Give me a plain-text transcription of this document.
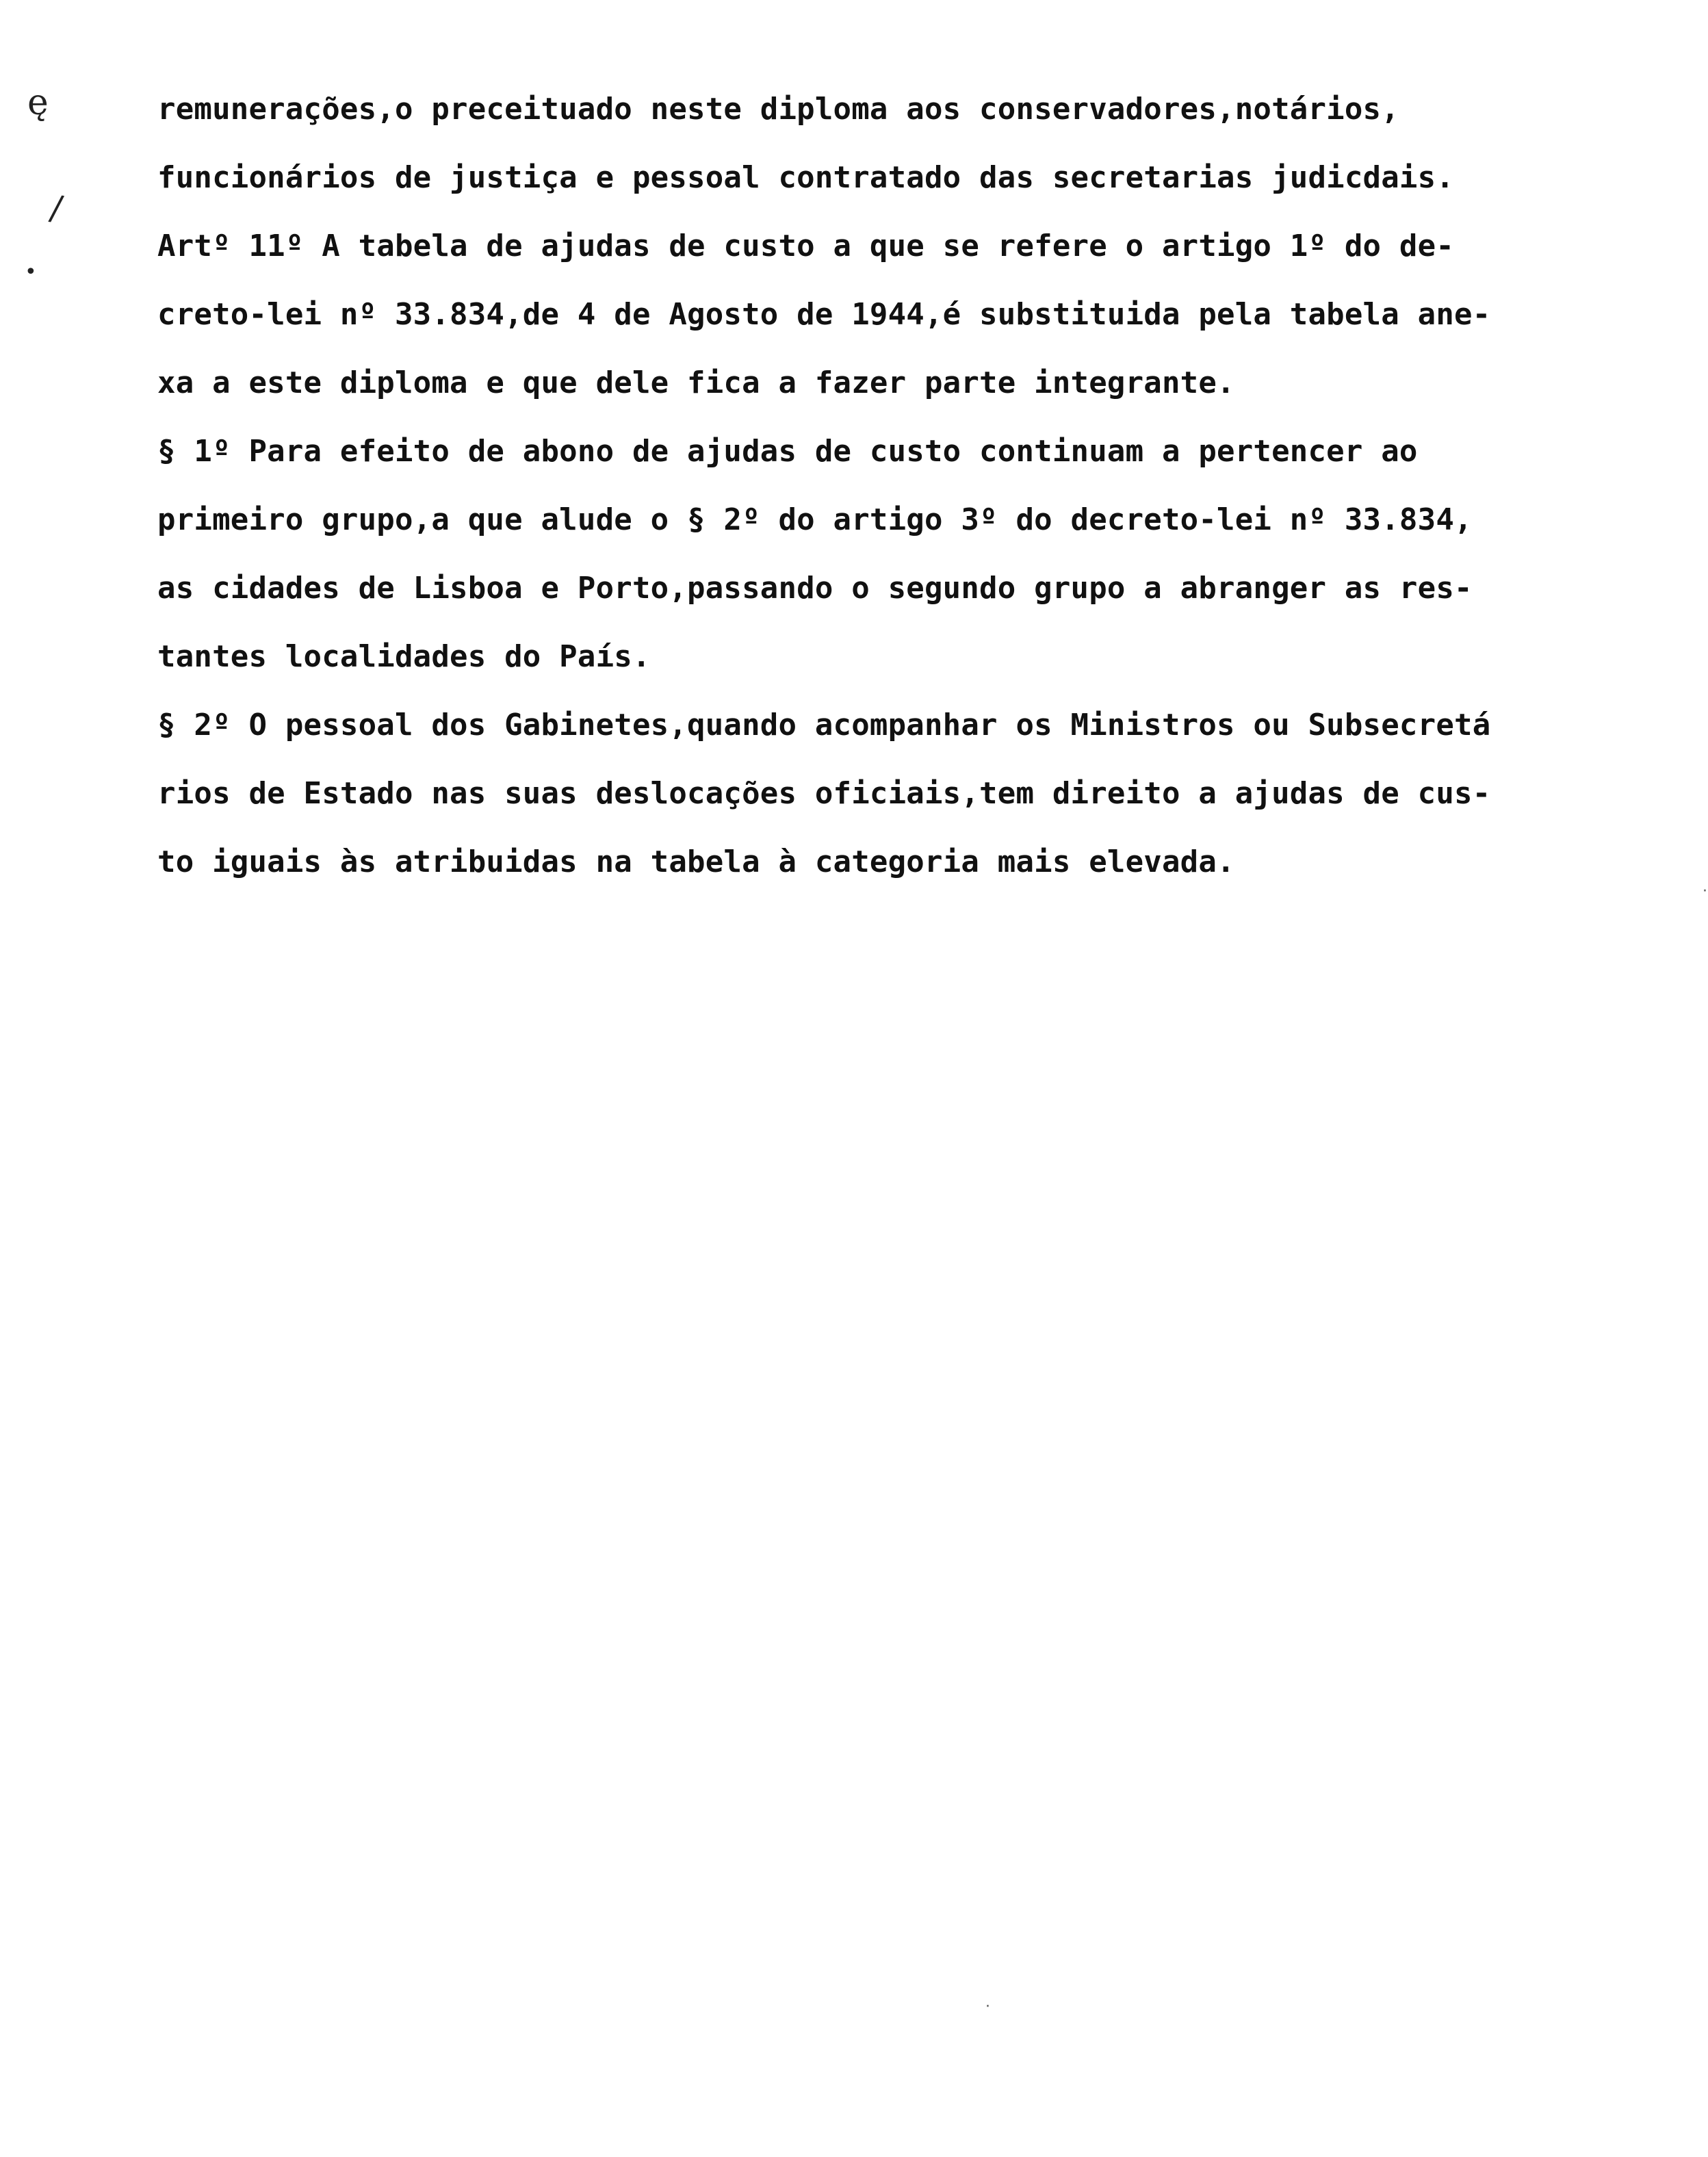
ę
/
•
remunerações,o preceituado neste diploma aos conservadores,notários,
funcionários de justiça e pessoal contratado das secretarias judicdais.
Artº 11º A tabela de ajudas de custo a que se refere o artigo 1º do de-
creto-lei nº 33.834,de 4 de Agosto de 1944,é substituida pela tabela ane-
xa a este diploma e que dele fica a fazer parte integrante.
§ 1º Para efeito de abono de ajudas de custo continuam a pertencer ao
primeiro grupo,a que alude o § 2º do artigo 3º do decreto-lei nº 33.834,
as cidades de Lisboa e Porto,passando o segundo grupo a abranger as res-
tantes localidades do País.
§ 2º O pessoal dos Gabinetes,quando acompanhar os Ministros ou Subsecretá
rios de Estado nas suas deslocações oficiais,tem direito a ajudas de cus-
to iguais às atribuidas na tabela à categoria mais elevada.
·
·
